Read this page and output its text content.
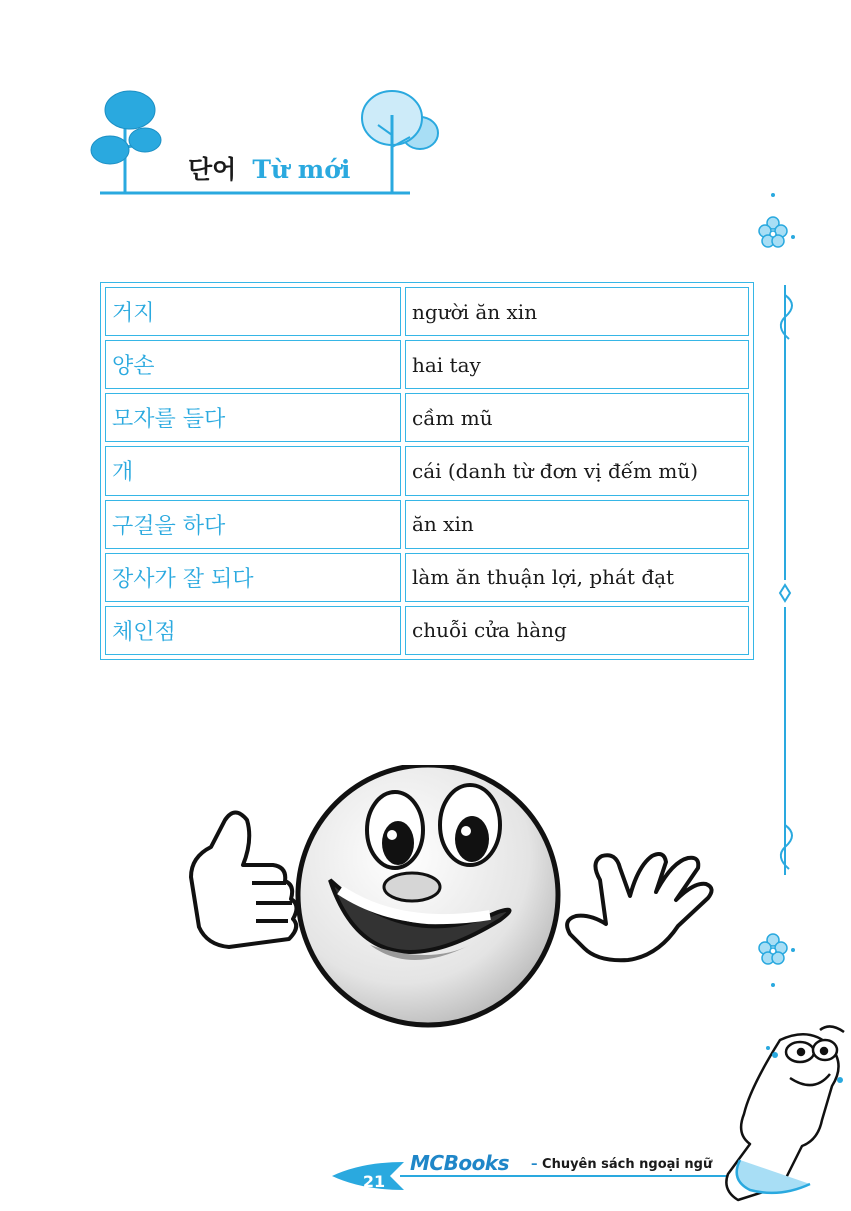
단어 Từ mới
거지	người ăn xin
양손	hai tay
모자를 들다	cầm mũ
개	cái (danh từ đơn vị đếm mũ)
구걸을 하다	ăn xin
장사가 잘 되다	làm ăn thuận lợi, phát đạt
체인점	chuỗi cửa hàng
MCBooks – Chuyên sách ngoại ngữ
21
